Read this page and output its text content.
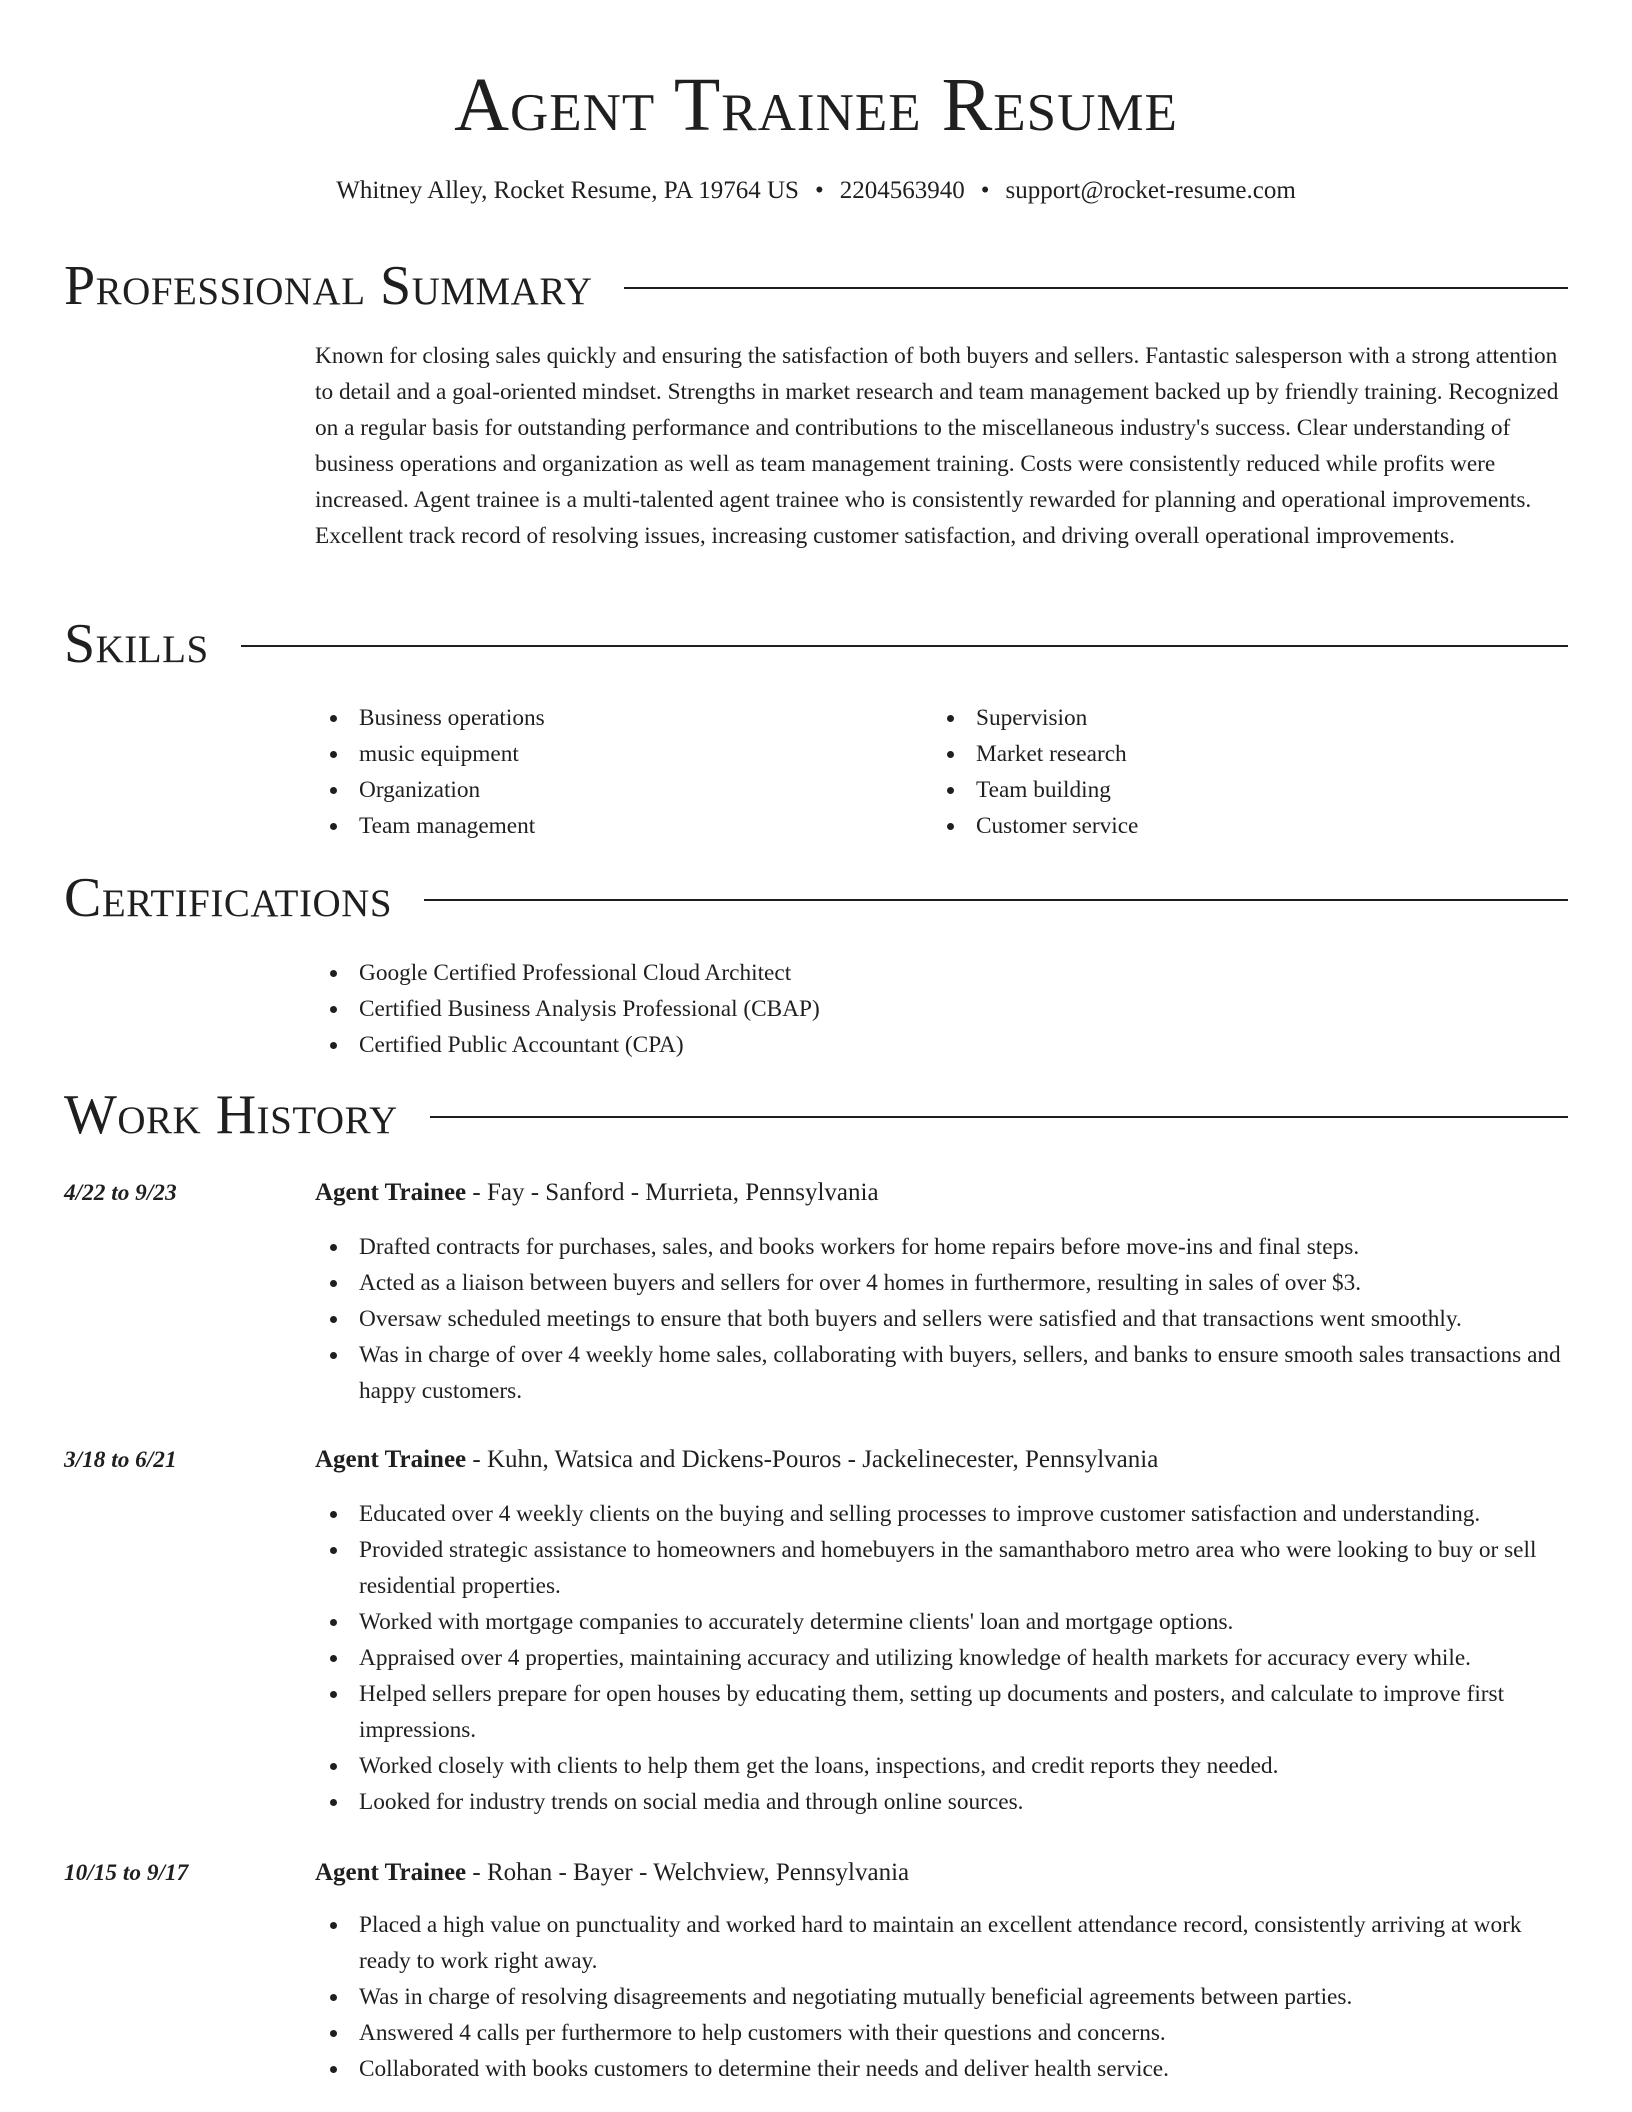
Agent Trainee Resume
Whitney Alley, Rocket Resume, PA 19764 US • 2204563940 • support@rocket-resume.com
Professional Summary

Known for closing sales quickly and ensuring the satisfaction of both buyers and sellers. Fantastic salesperson with a strong attention to detail and a goal-oriented mindset. Strengths in market research and team management backed up by friendly training. Recognized on a regular basis for outstanding performance and contributions to the miscellaneous industry's success. Clear understanding of business operations and organization as well as team management training. Costs were consistently reduced while profits were increased. Agent trainee is a multi-talented agent trainee who is consistently rewarded for planning and operational improvements. Excellent track record of resolving issues, increasing customer satisfaction, and driving overall operational improvements.

Skills
Business operations
music equipment
Organization
Team management
Supervision
Market research
Team building
Customer service
Certifications
Google Certified Professional Cloud Architect
Certified Business Analysis Professional (CBAP)
Certified Public Accountant (CPA)
Work History
4/22 to 9/23	Agent Trainee - Fay - Sanford - Murrieta, Pennsylvania
Drafted contracts for purchases, sales, and books workers for home repairs before move-ins and final steps.
Acted as a liaison between buyers and sellers for over 4 homes in furthermore, resulting in sales of over $3.
Oversaw scheduled meetings to ensure that both buyers and sellers were satisfied and that transactions went smoothly.
Was in charge of over 4 weekly home sales, collaborating with buyers, sellers, and banks to ensure smooth sales transactions and happy customers.
3/18 to 6/21	Agent Trainee - Kuhn, Watsica and Dickens-Pouros - Jackelinecester, Pennsylvania
Educated over 4 weekly clients on the buying and selling processes to improve customer satisfaction and understanding.
Provided strategic assistance to homeowners and homebuyers in the samanthaboro metro area who were looking to buy or sell residential properties.
Worked with mortgage companies to accurately determine clients' loan and mortgage options.
Appraised over 4 properties, maintaining accuracy and utilizing knowledge of health markets for accuracy every while.
Helped sellers prepare for open houses by educating them, setting up documents and posters, and calculate to improve first impressions.
Worked closely with clients to help them get the loans, inspections, and credit reports they needed.
Looked for industry trends on social media and through online sources.
10/15 to 9/17	Agent Trainee - Rohan - Bayer - Welchview, Pennsylvania
Placed a high value on punctuality and worked hard to maintain an excellent attendance record, consistently arriving at work ready to work right away.
Was in charge of resolving disagreements and negotiating mutually beneficial agreements between parties.
Answered 4 calls per furthermore to help customers with their questions and concerns.
Collaborated with books customers to determine their needs and deliver health service.
